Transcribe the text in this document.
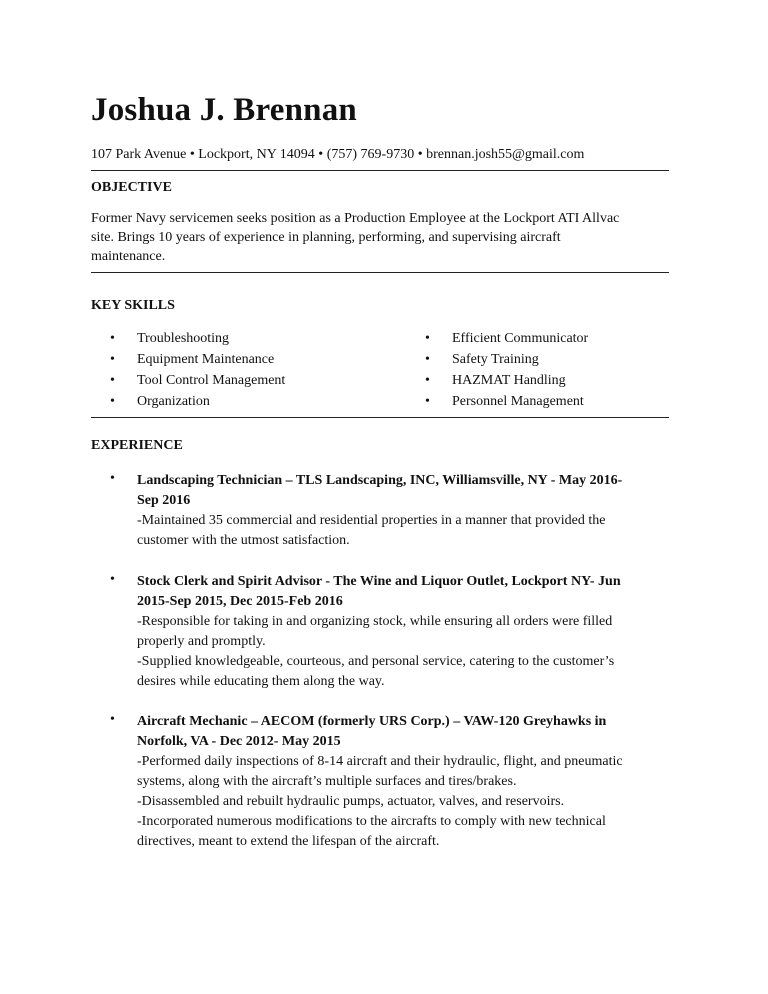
Joshua J. Brennan
107 Park Avenue • Lockport, NY 14094 • (757) 769-9730 • brennan.josh55@gmail.com
OBJECTIVE
Former Navy servicemen seeks position as a Production Employee at the Lockport ATI Allvac
site. Brings 10 years of experience in planning, performing, and supervising aircraft
maintenance.
KEY SKILLS
• Troubleshooting
• Equipment Maintenance
• Tool Control Management
• Organization
• Efficient Communicator
• Safety Training
• HAZMAT Handling
• Personnel Management
EXPERIENCE
• Landscaping Technician – TLS Landscaping, INC, Williamsville, NY - May 2016-
Sep 2016
-Maintained 35 commercial and residential properties in a manner that provided the
customer with the utmost satisfaction.
• Stock Clerk and Spirit Advisor - The Wine and Liquor Outlet, Lockport NY- Jun
2015-Sep 2015, Dec 2015-Feb 2016
-Responsible for taking in and organizing stock, while ensuring all orders were filled
properly and promptly.
-Supplied knowledgeable, courteous, and personal service, catering to the customer’s
desires while educating them along the way.
• Aircraft Mechanic – AECOM (formerly URS Corp.) – VAW-120 Greyhawks in
Norfolk, VA - Dec 2012- May 2015
-Performed daily inspections of 8-14 aircraft and their hydraulic, flight, and pneumatic
systems, along with the aircraft’s multiple surfaces and tires/brakes.
-Disassembled and rebuilt hydraulic pumps, actuator, valves, and reservoirs.
-Incorporated numerous modifications to the aircrafts to comply with new technical
directives, meant to extend the lifespan of the aircraft.
